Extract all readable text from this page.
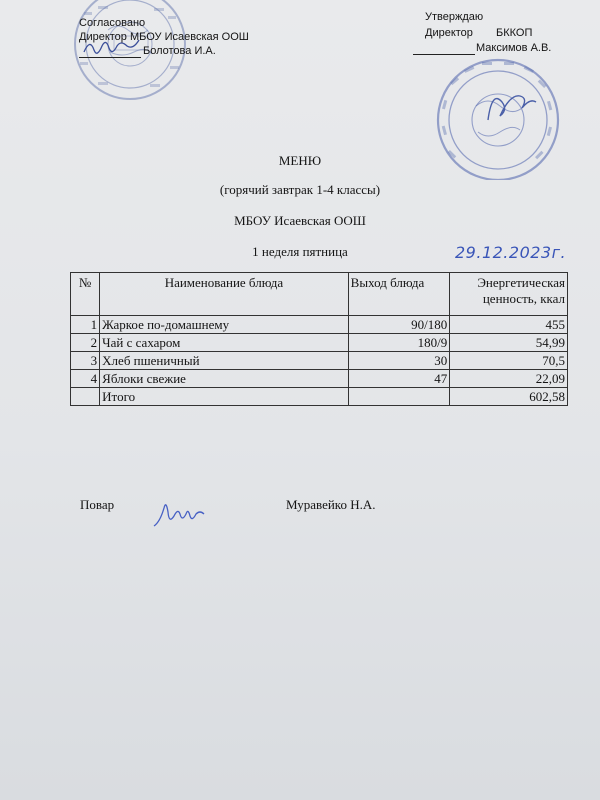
Согласовано
Директор МБОУ Исаевская ООШ
Болотова И.А.
Утверждаю
Директор БККОП
Максимов А.В.
МЕНЮ
(горячий завтрак 1-4 классы)
МБОУ Исаевская ООШ
1 неделя пятница	29.12.2023г.
№	Наименование блюда	Выход блюда	Энергетическая ценность, ккал
1	Жаркое по-домашнему	90/180	455
2	Чай с сахаром	180/9	54,99
3	Хлеб пшеничный	30	70,5
4	Яблоки свежие	47	22,09
	Итого		602,58
Повар	Муравейко Н.А.
